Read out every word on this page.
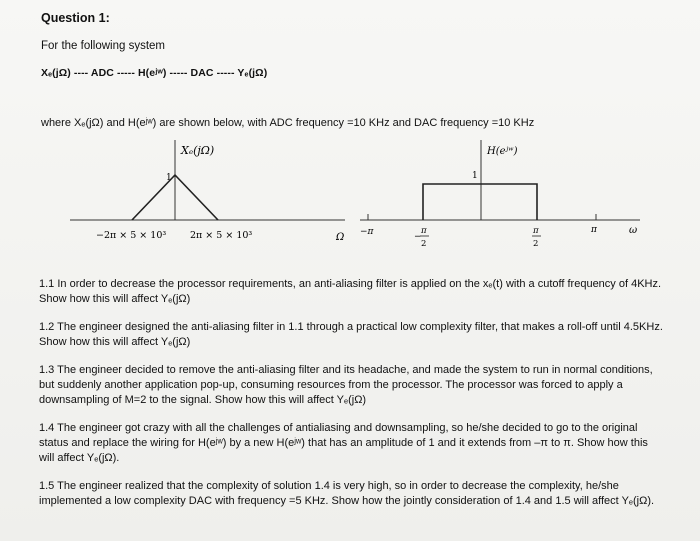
Question 1:
For the following system
Xₑ(jΩ) ---- ADC ----- H(eʲʷ) ----- DAC ----- Yₑ(jΩ)
where Xₑ(jΩ) and H(eʲʷ) are shown below, with ADC frequency =10 KHz and DAC frequency =10 KHz
Xₑ(jΩ)
1
−2π × 5 × 10³	2π × 5 × 10³	Ω
H(eʲʷ)
1
−π	−
π
2
π
2
π	ω
1.1 In order to decrease the processor requirements, an anti-aliasing filter is applied on the xₑ(t) with a cutoff frequency of 4KHz. Show how this will affect Yₑ(jΩ)
1.2 The engineer designed the anti-aliasing filter in 1.1 through a practical low complexity filter, that makes a roll-off until 4.5KHz. Show how this will affect Yₑ(jΩ)
1.3 The engineer decided to remove the anti-aliasing filter and its headache, and made the system to run in normal conditions, but suddenly another application pop-up, consuming resources from the processor. The processor was forced to apply a downsampling of M=2 to the signal. Show how this will affect Yₑ(jΩ)
1.4 The engineer got crazy with all the challenges of antialiasing and downsampling, so he/she decided to go to the original status and replace the wiring for H(eʲʷ) by a new H(eʲʷ) that has an amplitude of 1 and it extends from –π to π. Show how this will affect Yₑ(jΩ).
1.5 The engineer realized that the complexity of solution 1.4 is very high, so in order to decrease the complexity, he/she implemented a low complexity DAC with frequency =5 KHz. Show how the jointly consideration of 1.4 and 1.5 will affect Yₑ(jΩ).
